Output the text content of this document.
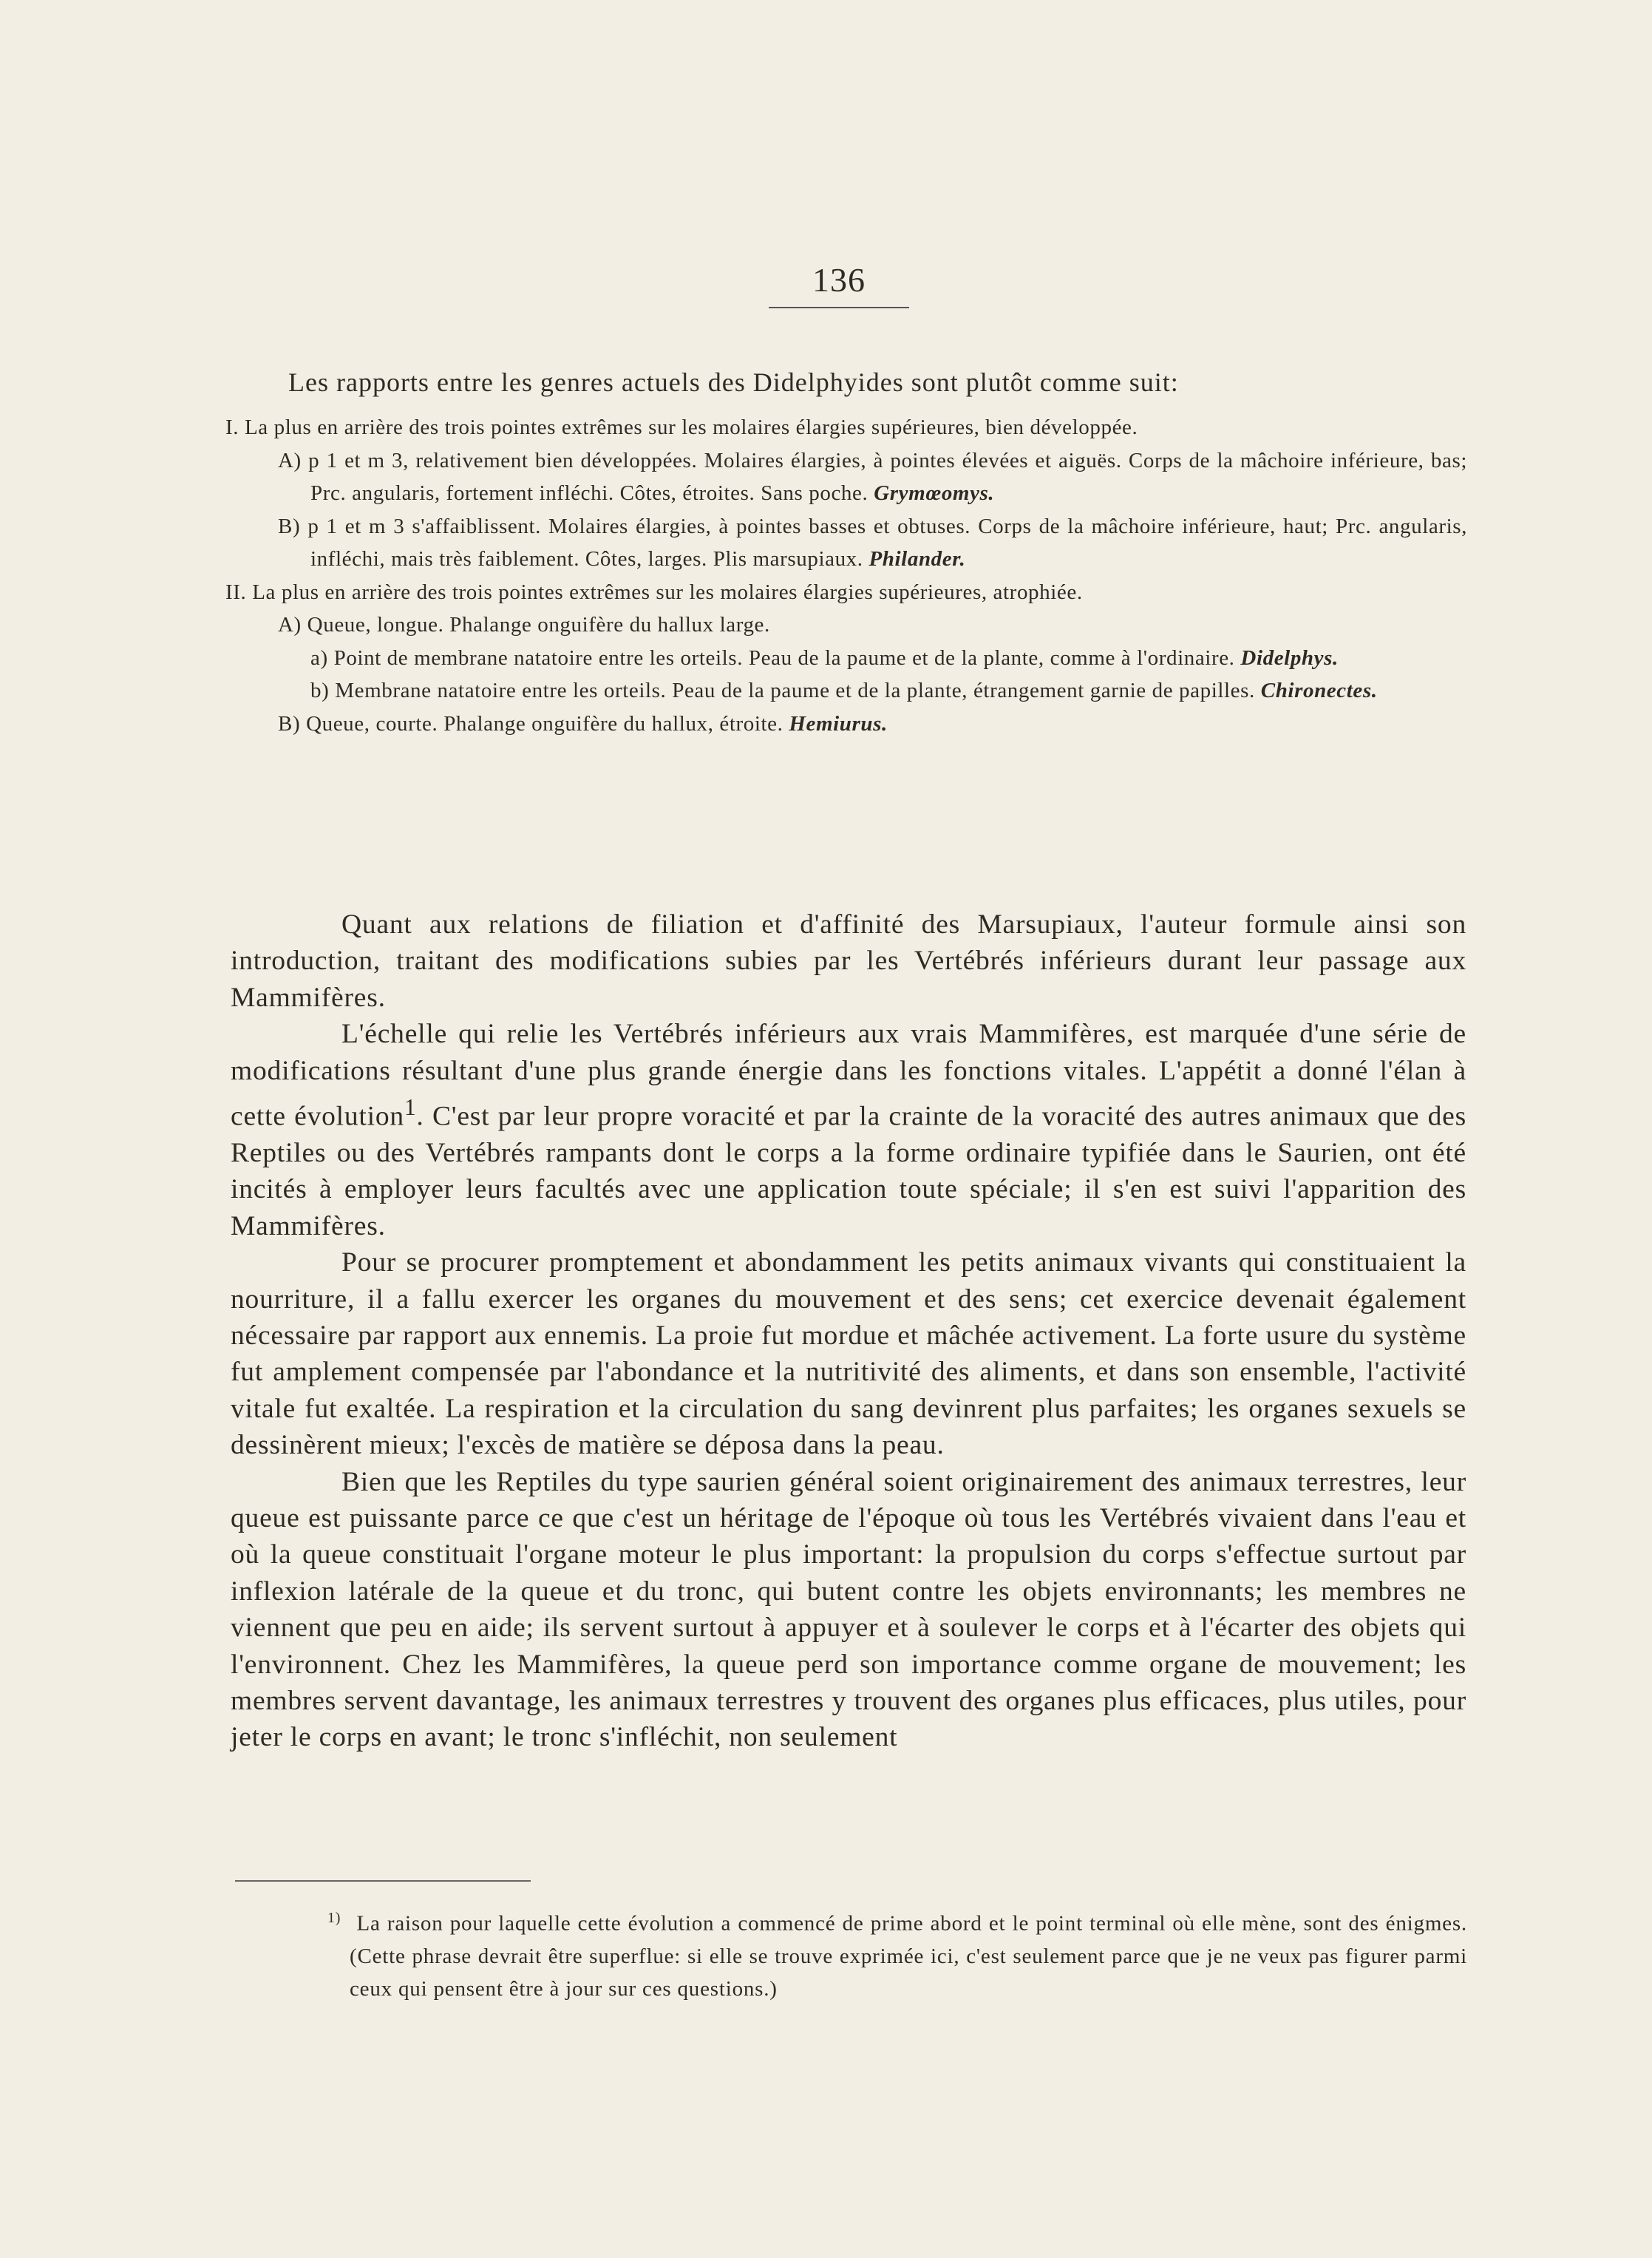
136

Les rapports entre les genres actuels des Didelphyides sont plutôt comme suit:

I. La plus en arrière des trois pointes extrêmes sur les molaires élargies supérieures, bien développée.

A) p 1 et m 3, relativement bien développées. Molaires élargies, à pointes élevées et aiguës. Corps de la mâchoire inférieure, bas; Prc. angularis, fortement infléchi. Côtes, étroites. Sans poche. Grymœomys.

B) p 1 et m 3 s'affaiblissent. Molaires élargies, à pointes basses et obtuses. Corps de la mâchoire inférieure, haut; Prc. angularis, infléchi, mais très faiblement. Côtes, larges. Plis marsupiaux. Philander.

II. La plus en arrière des trois pointes extrêmes sur les molaires élargies supérieures, atrophiée.

A) Queue, longue. Phalange onguifère du hallux large.

a) Point de membrane natatoire entre les orteils. Peau de la paume et de la plante, comme à l'ordinaire. Didelphys.

b) Membrane natatoire entre les orteils. Peau de la paume et de la plante, étrangement garnie de papilles. Chironectes.

B) Queue, courte. Phalange onguifère du hallux, étroite. Hemiurus.

Quant aux relations de filiation et d'affinité des Marsupiaux, l'auteur formule ainsi son introduction, traitant des modifications subies par les Vertébrés inférieurs durant leur passage aux Mammifères.

L'échelle qui relie les Vertébrés inférieurs aux vrais Mammifères, est marquée d'une série de modifications résultant d'une plus grande énergie dans les fonctions vitales. L'appétit a donné l'élan à cette évolution$^1$. C'est par leur propre voracité et par la crainte de la voracité des autres animaux que des Reptiles ou des Vertébrés rampants dont le corps a la forme ordinaire typifiée dans le Saurien, ont été incités à employer leurs facultés avec une application toute spéciale; il s'en est suivi l'apparition des Mammifères.

Pour se procurer promptement et abondamment les petits animaux vivants qui constituaient la nourriture, il a fallu exercer les organes du mouvement et des sens; cet exercice devenait également nécessaire par rapport aux ennemis. La proie fut mordue et mâchée activement. La forte usure du système fut amplement compensée par l'abondance et la nutritivité des aliments, et dans son ensemble, l'activité vitale fut exaltée. La respiration et la circulation du sang devinrent plus parfaites; les organes sexuels se dessinèrent mieux; l'excès de matière se déposa dans la peau.

Bien que les Reptiles du type saurien général soient originairement des animaux terrestres, leur queue est puissante parce ce que c'est un héritage de l'époque où tous les Vertébrés vivaient dans l'eau et où la queue constituait l'organe moteur le plus important: la propulsion du corps s'effectue surtout par inflexion latérale de la queue et du tronc, qui butent contre les objets environnants; les membres ne viennent que peu en aide; ils servent surtout à appuyer et à soulever le corps et à l'écarter des objets qui l'environnent. Chez les Mammifères, la queue perd son importance comme organe de mouvement; les membres servent davantage, les animaux terrestres y trouvent des organes plus efficaces, plus utiles, pour jeter le corps en avant; le tronc s'infléchit, non seulement

$^{1)}$ La raison pour laquelle cette évolution a commencé de prime abord et le point terminal où elle mène, sont des énigmes. (Cette phrase devrait être superflue: si elle se trouve exprimée ici, c'est seulement parce que je ne veux pas figurer parmi ceux qui pensent être à jour sur ces questions.)
